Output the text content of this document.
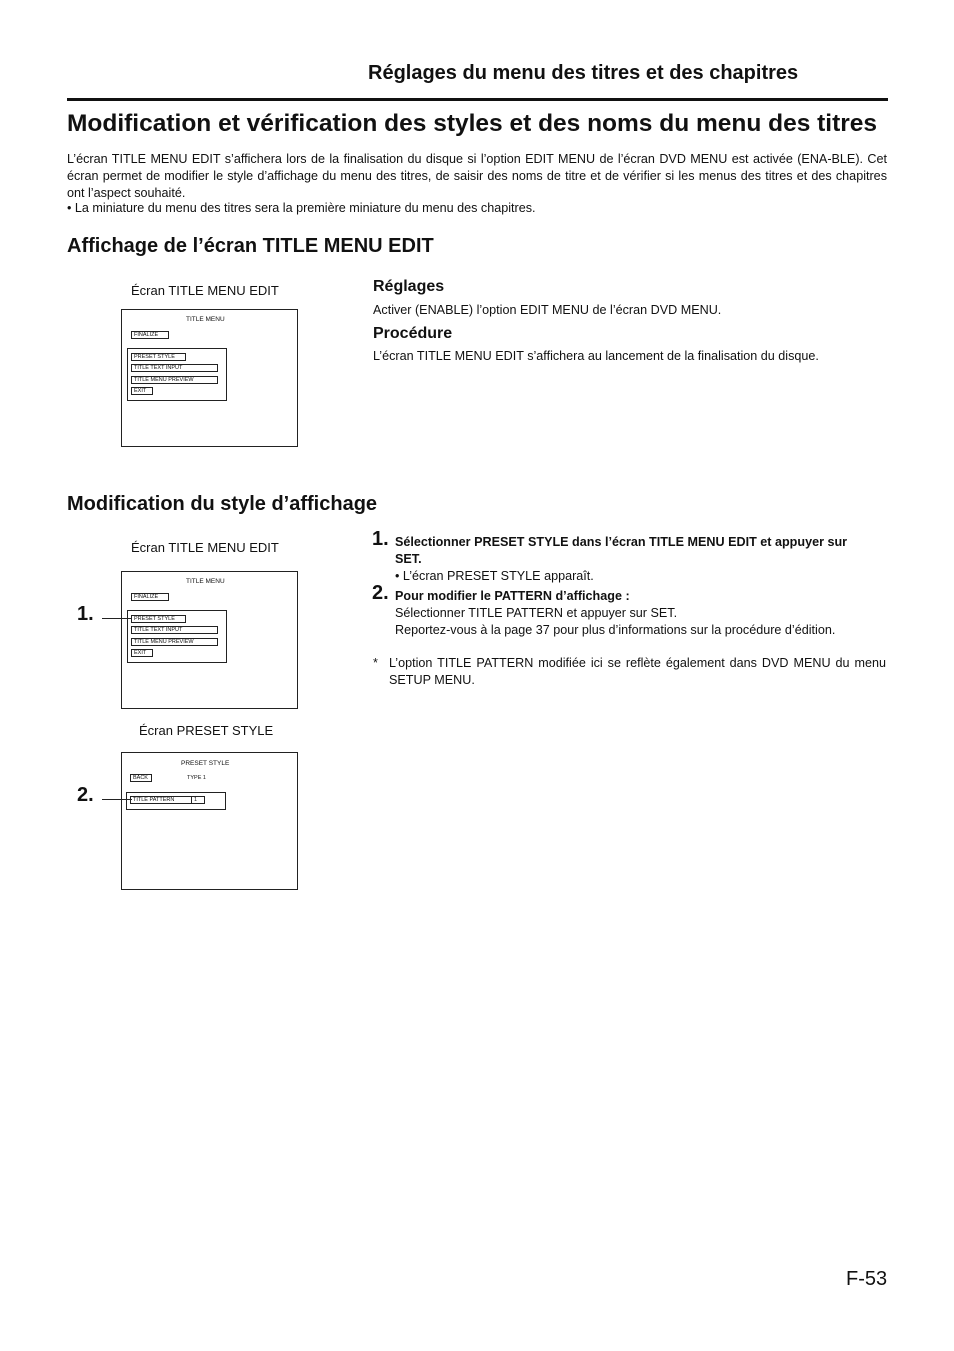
Réglages du menu des titres et des chapitres
Modification et vérification des styles et des noms du menu des titres
L’écran TITLE MENU EDIT s’affichera lors de la finalisation du disque si l’option EDIT MENU de l’écran DVD MENU est activée (ENA-BLE). Cet écran permet de modifier le style d’affichage du menu des titres, de saisir des noms de titre et de vérifier si les menus des titres et des chapitres ont l’aspect souhaité.
• La miniature du menu des titres sera la première miniature du menu des chapitres.
Affichage de l’écran TITLE MENU EDIT
Écran TITLE MENU EDIT
TITLE MENU
FINALIZE
PRESET STYLE
TITLE TEXT INPUT
TITLE MENU PREVIEW
EXIT
Réglages
Activer (ENABLE) l’option EDIT MENU de l’écran DVD MENU.
Procédure
L’écran TITLE MENU EDIT s’affichera au lancement de la finalisation du disque.
Modification du style d’affichage
Écran TITLE MENU EDIT
TITLE MENU
FINALIZE
PRESET STYLE
TITLE TEXT INPUT
TITLE MENU PREVIEW
EXIT
1.
Écran PRESET STYLE
PRESET STYLE
BACK	TYPE 1
TITLE PATTERN	1
2.
1. Sélectionner PRESET STYLE dans l’écran TITLE MENU EDIT et appuyer sur
SET.
• L’écran PRESET STYLE apparaît.
2. Pour modifier le PATTERN d’affichage :
Sélectionner TITLE PATTERN et appuyer sur SET.
Reportez-vous à la page 37 pour plus d’informations sur la procédure d’édition.
* L’option TITLE PATTERN modifiée ici se reflète également dans DVD MENU du menu SETUP MENU.
F-53
